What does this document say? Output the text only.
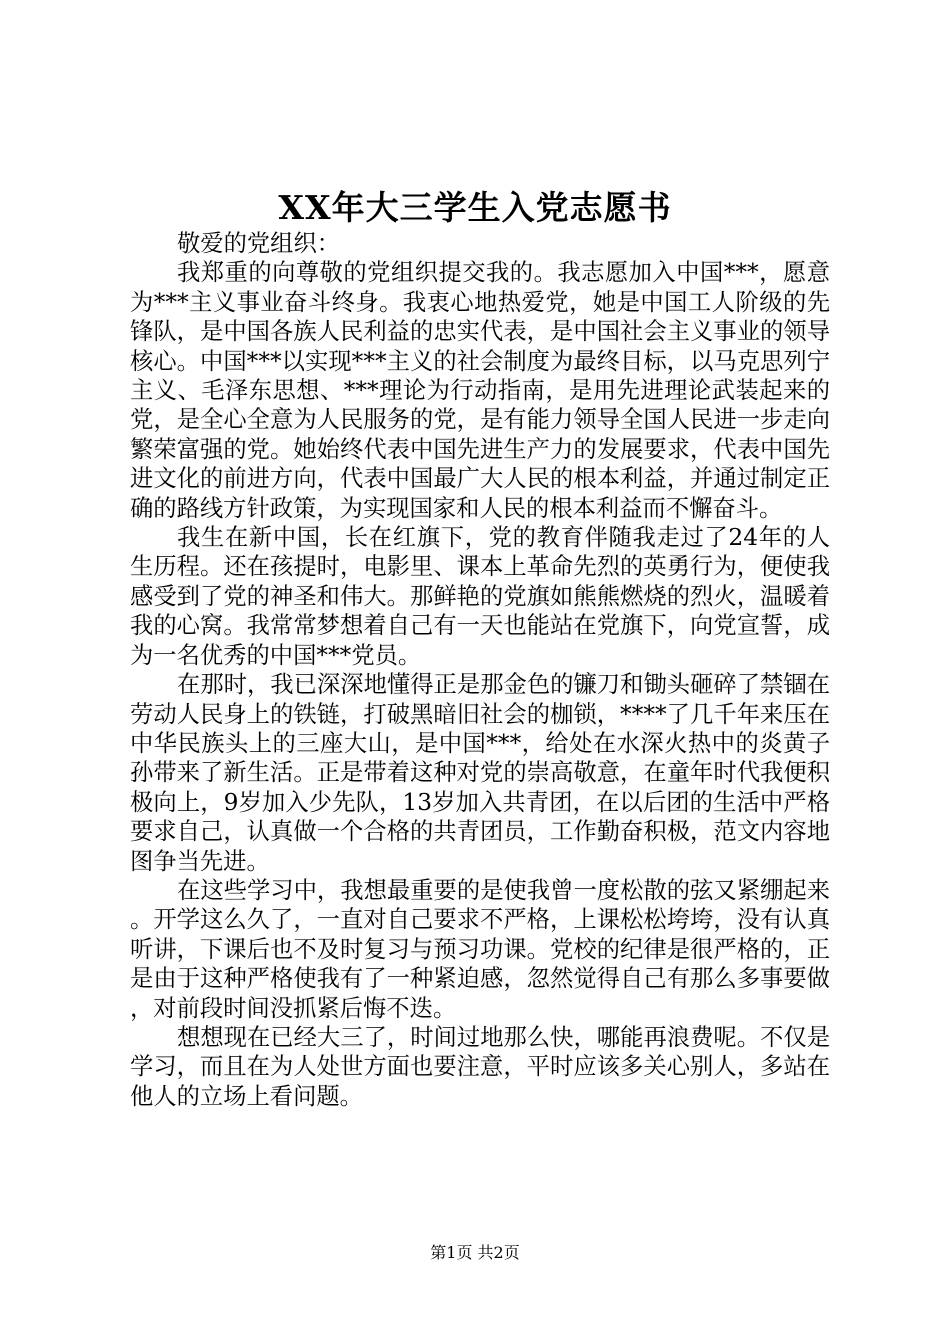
XX年大三学生入党志愿书

敬爱的党组织：

我郑重的向尊敬的党组织提交我的。我志愿加入中国***，愿意为***主义事业奋斗终身。我衷心地热爱党，她是中国工人阶级的先锋队，是中国各族人民利益的忠实代表，是中国社会主义事业的领导核心。中国***以实现***主义的社会制度为最终目标，以马克思列宁主义、毛泽东思想、***理论为行动指南，是用先进理论武装起来的党，是全心全意为人民服务的党，是有能力领导全国人民进一步走向繁荣富强的党。她始终代表中国先进生产力的发展要求，代表中国先进文化的前进方向，代表中国最广大人民的根本利益，并通过制定正确的路线方针政策，为实现国家和人民的根本利益而不懈奋斗。

我生在新中国，长在红旗下，党的教育伴随我走过了24年的人生历程。还在孩提时，电影里、课本上革命先烈的英勇行为，便使我感受到了党的神圣和伟大。那鲜艳的党旗如熊熊燃烧的烈火，温暖着我的心窝。我常常梦想着自己有一天也能站在党旗下，向党宣誓，成为一名优秀的中国***党员。

在那时，我已深深地懂得正是那金色的镰刀和锄头砸碎了禁锢在劳动人民身上的铁链，打破黑暗旧社会的枷锁，****了几千年来压在中华民族头上的三座大山，是中国***，给处在水深火热中的炎黄子孙带来了新生活。正是带着这种对党的崇高敬意，在童年时代我便积极向上，9岁加入少先队，13岁加入共青团，在以后团的生活中严格要求自己，认真做一个合格的共青团员，工作勤奋积极，范文内容地图争当先进。

在这些学习中，我想最重要的是使我曾一度松散的弦又紧绷起来。开学这么久了，一直对自己要求不严格，上课松松垮垮，没有认真听讲，下课后也不及时复习与预习功课。党校的纪律是很严格的，正是由于这种严格使我有了一种紧迫感，忽然觉得自己有那么多事要做，对前段时间没抓紧后悔不迭。

想想现在已经大三了，时间过地那么快，哪能再浪费呢。不仅是学习，而且在为人处世方面也要注意，平时应该多关心别人，多站在他人的立场上看问题。

第1页 共2页
